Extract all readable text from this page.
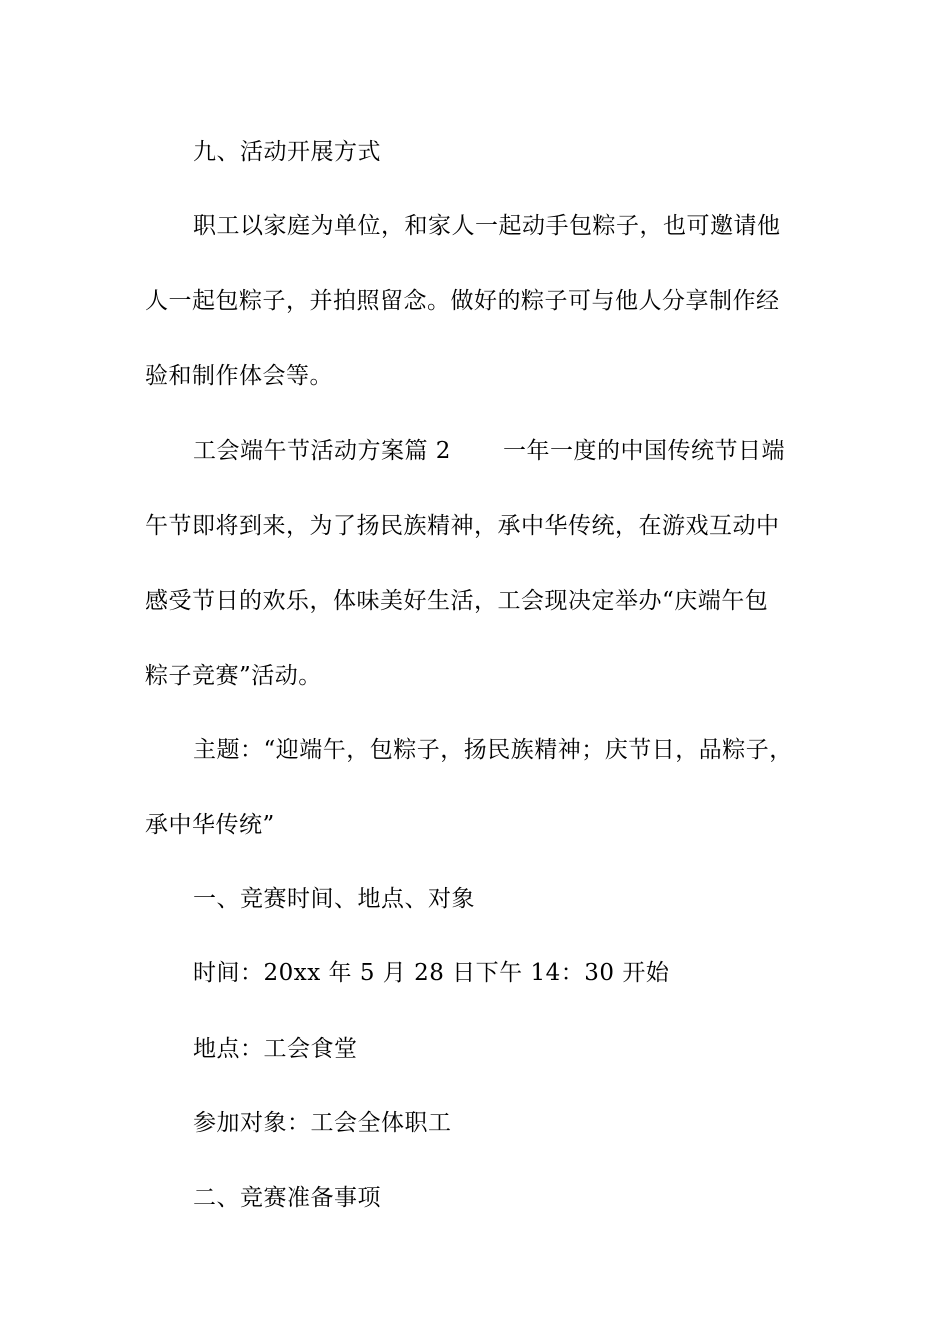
九、活动开展方式
职工以家庭为单位，和家人一起动手包粽子，也可邀请他
人一起包粽子，并拍照留念。做好的粽子可与他人分享制作经
验和制作体会等。
工会端午节活动方案篇 2 一年一度的中国传统节日端
午节即将到来，为了扬民族精神，承中华传统，在游戏互动中
感受节日的欢乐，体味美好生活，工会现决定举办“庆端午包
粽子竞赛”活动。
主题：“迎端午，包粽子，扬民族精神；庆节日，品粽子，
承中华传统”
一、竞赛时间、地点、对象
时间：20xx 年 5 月 28 日下午 14：30 开始
地点：工会食堂
参加对象：工会全体职工
二、竞赛准备事项
